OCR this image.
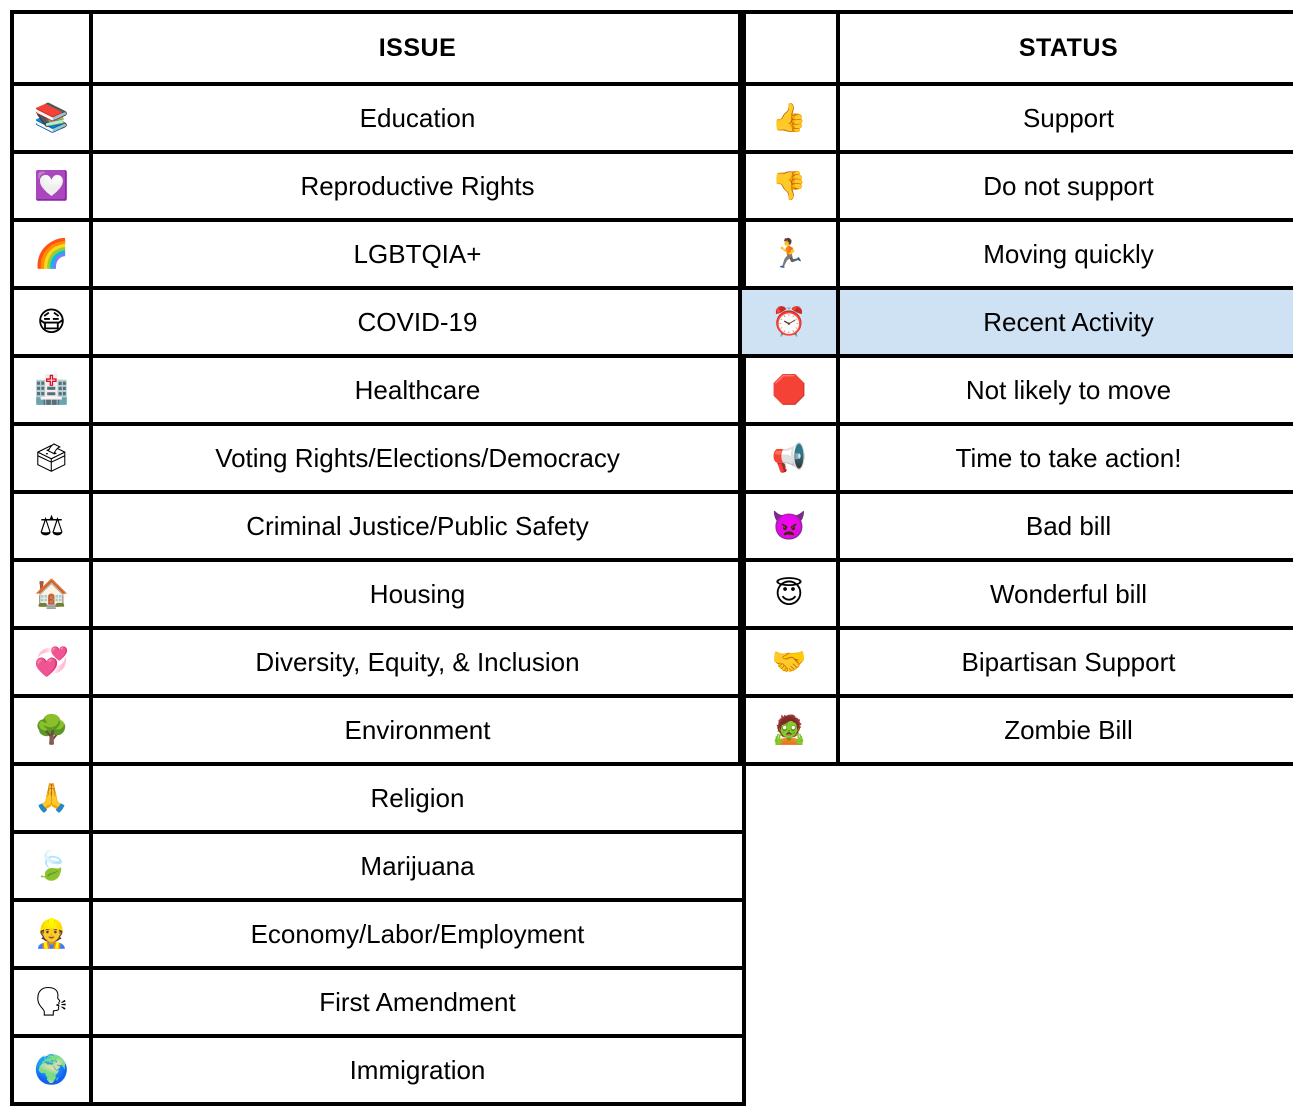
	ISSUE
📚	Education
💟	Reproductive Rights
🌈	LGBTQIA+
😷	COVID-19
🏥	Healthcare
🗳	Voting Rights/Elections/Democracy
⚖	Criminal Justice/Public Safety
🏠	Housing
💞	Diversity, Equity, & Inclusion
🌳	Environment
🙏	Religion
🍃	Marijuana
👷	Economy/Labor/Employment
🗣	First Amendment
🌍	Immigration
	STATUS
👍	Support
👎	Do not support
🏃	Moving quickly
⏰	Recent Activity
🛑	Not likely to move
📢	Time to take action!
👿	Bad bill
😇	Wonderful bill
🤝	Bipartisan Support
🧟	Zombie Bill
